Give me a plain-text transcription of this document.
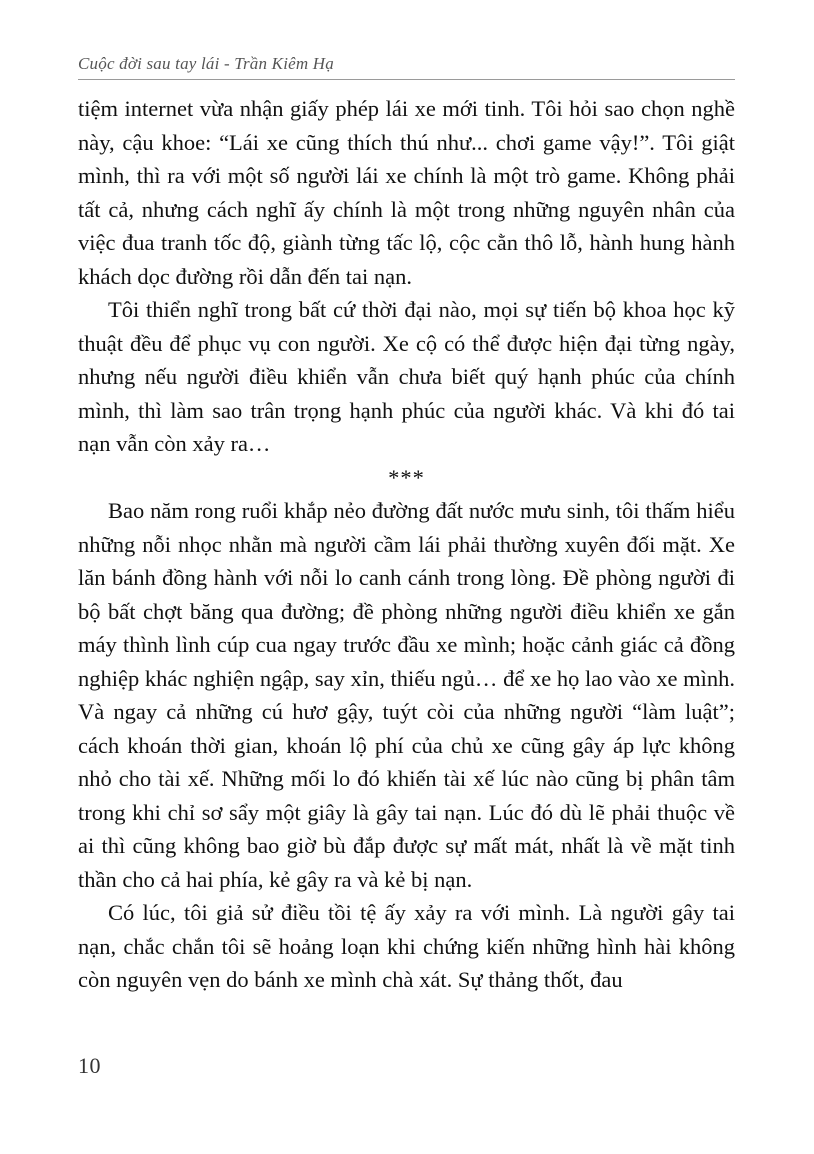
Cuộc đời sau tay lái - Trần Kiêm Hạ

tiệm internet vừa nhận giấy phép lái xe mới tinh. Tôi hỏi sao chọn nghề này, cậu khoe: “Lái xe cũng thích thú như... chơi game vậy!”. Tôi giật mình, thì ra với một số người lái xe chính là một trò game. Không phải tất cả, nhưng cách nghĩ ấy chính là một trong những nguyên nhân của việc đua tranh tốc độ, giành từng tấc lộ, cộc cằn thô lỗ, hành hung hành khách dọc đường rồi dẫn đến tai nạn.

Tôi thiển nghĩ trong bất cứ thời đại nào, mọi sự tiến bộ khoa học kỹ thuật đều để phục vụ con người. Xe cộ có thể được hiện đại từng ngày, nhưng nếu người điều khiển vẫn chưa biết quý hạnh phúc của chính mình, thì làm sao trân trọng hạnh phúc của người khác. Và khi đó tai nạn vẫn còn xảy ra…

***

Bao năm rong ruổi khắp nẻo đường đất nước mưu sinh, tôi thấm hiểu những nỗi nhọc nhằn mà người cầm lái phải thường xuyên đối mặt. Xe lăn bánh đồng hành với nỗi lo canh cánh trong lòng. Đề phòng người đi bộ bất chợt băng qua đường; đề phòng những người điều khiển xe gắn máy thình lình cúp cua ngay trước đầu xe mình; hoặc cảnh giác cả đồng nghiệp khác nghiện ngập, say xỉn, thiếu ngủ… để xe họ lao vào xe mình. Và ngay cả những cú hươ gậy, tuýt còi của những người “làm luật”; cách khoán thời gian, khoán lộ phí của chủ xe cũng gây áp lực không nhỏ cho tài xế. Những mối lo đó khiến tài xế lúc nào cũng bị phân tâm trong khi chỉ sơ sẩy một giây là gây tai nạn. Lúc đó dù lẽ phải thuộc về ai thì cũng không bao giờ bù đắp được sự mất mát, nhất là về mặt tinh thần cho cả hai phía, kẻ gây ra và kẻ bị nạn.

Có lúc, tôi giả sử điều tồi tệ ấy xảy ra với mình. Là người gây tai nạn, chắc chắn tôi sẽ hoảng loạn khi chứng kiến những hình hài không còn nguyên vẹn do bánh xe mình chà xát. Sự thảng thốt, đau

10
